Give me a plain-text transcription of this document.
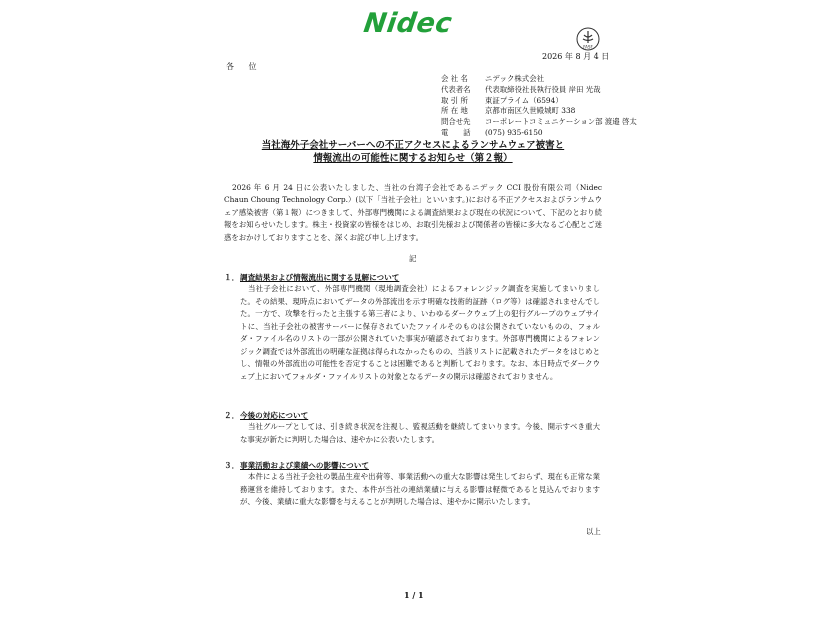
Nidec
FASF
2026 年 8 月 4 日
各 位
会 社 名 ニデック株式会社
代表者名 代表取締役社長執行役員 岸田 光哉
取 引 所 東証プライム（6594）
所 在 地 京都市南区久世殿城町 338
問合せ先 コーポレートコミュニケーション部 渡邉 啓太
電　　話 (075) 935-6150
当社海外子会社サーバーへの不正アクセスによるランサムウェア被害と
情報流出の可能性に関するお知らせ（第２報）
2026 年 6 月 24 日に公表いたしました、当社の台湾子会社であるニデック CCI 股份有限公司（Nidec Chaun Choung Technology Corp.）(以下「当社子会社」といいます。)における不正アクセスおよびランサムウェア感染被害（第１報）につきまして、外部専門機関による調査結果および現在の状況について、下記のとおり続報をお知らせいたします。株主・投資家の皆様をはじめ、お取引先様および関係者の皆様に多大なるご心配とご迷惑をおかけしておりますことを、深くお詫び申し上げます。
記
１．調査結果および情報流出に関する見解について
当社子会社において、外部専門機関（現地調査会社）によるフォレンジック調査を実施してまいりました。その結果、現時点においてデータの外部流出を示す明確な技術的証跡（ログ等）は確認されませんでした。一方で、攻撃を行ったと主張する第三者により、いわゆるダークウェブ上の犯行グループのウェブサイトに、当社子会社の被害サーバーに保存されていたファイルそのものは公開されていないものの、フォルダ・ファイル名のリストの一部が公開されていた事実が確認されております。外部専門機関によるフォレンジック調査では外部流出の明確な証拠は得られなかったものの、当該リストに記載されたデータをはじめとし、情報の外部流出の可能性を否定することは困難であると判断しております。なお、本日時点でダークウェブ上においてフォルダ・ファイルリストの対象となるデータの開示は確認されておりません。
２．今後の対応について
当社グループとしては、引き続き状況を注視し、監視活動を継続してまいります。今後、開示すべき重大な事実が新たに判明した場合は、速やかに公表いたします。
３．事業活動および業績への影響について
本件による当社子会社の製品生産や出荷等、事業活動への重大な影響は発生しておらず、現在も正常な業務運営を維持しております。また、本件が当社の連結業績に与える影響は軽微であると見込んでおりますが、今後、業績に重大な影響を与えることが判明した場合は、速やかに開示いたします。
以上
1 / 1
